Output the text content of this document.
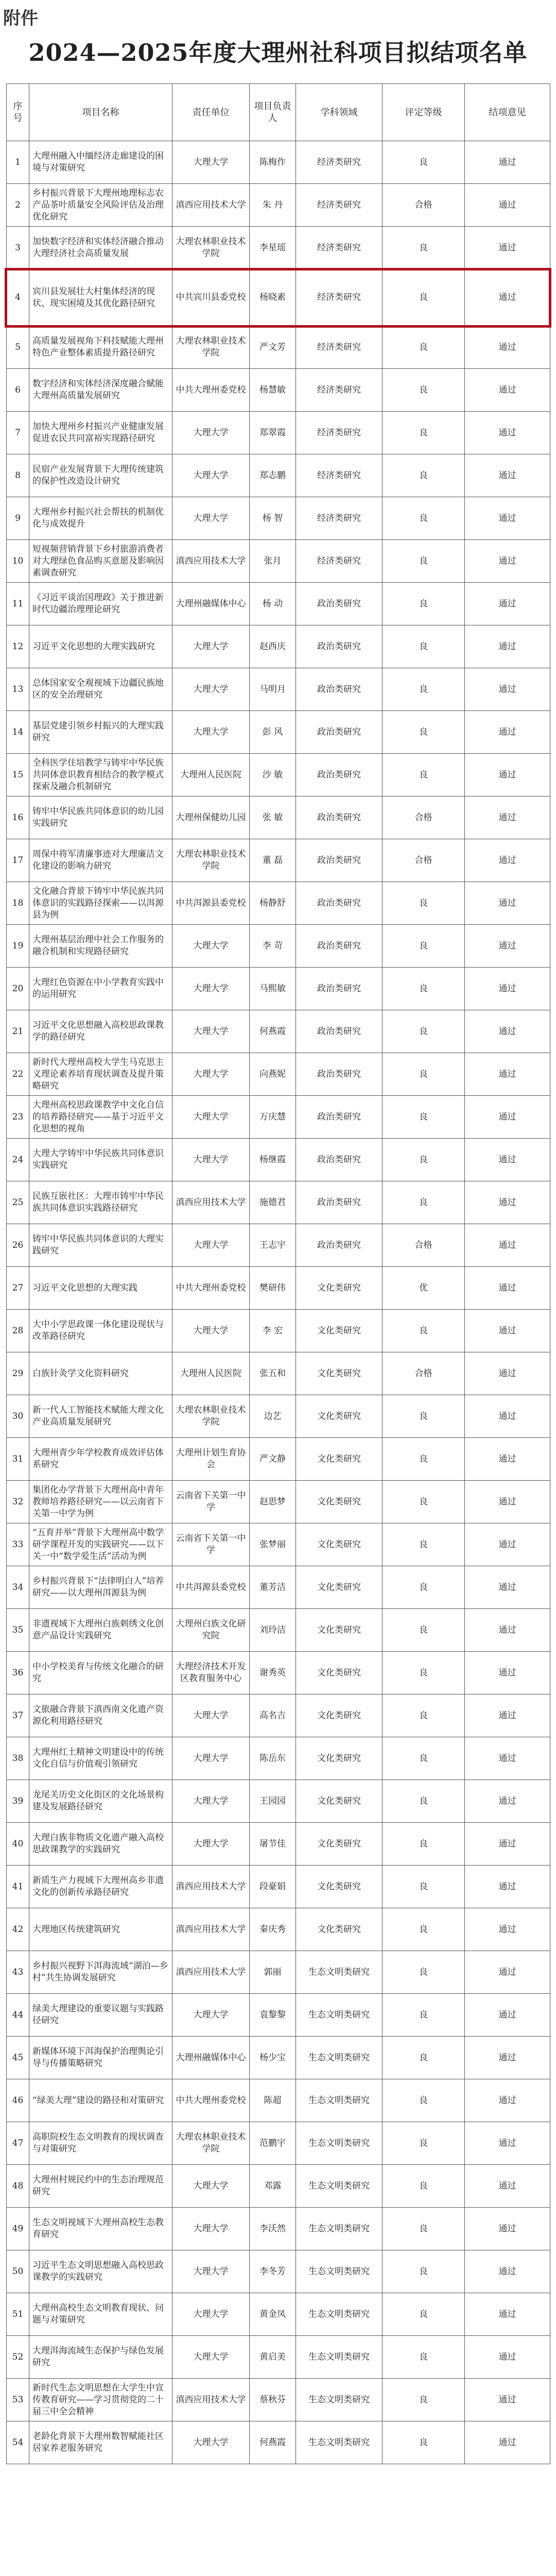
附件
2024—2025年度大理州社科项目拟结项名单
序号	项目名称	责任单位	项目负责人	学科领域	评定等级	结项意见
1	大理州融入中缅经济走廊建设的困境与对策研究	大理大学	陈梅作	经济类研究	良	通过
2	乡村振兴背景下大理州地理标志农产品茶叶质量安全风险评估及治理优化研究	滇西应用技术大学	朱 丹	经济类研究	合格	通过
3	加快数字经济和实体经济融合推动大理经济社会高质量发展	大理农林职业技术学院	李星瑶	经济类研究	良	通过
4	宾川县发展壮大村集体经济的现状、现实困境及其优化路径研究	中共宾川县委党校	杨晓素	经济类研究	良	通过
5	高质量发展视角下科技赋能大理州特色产业整体素质提升路径研究	大理农林职业技术学院	严文芳	经济类研究	良	通过
6	数字经济和实体经济深度融合赋能大理州高质量发展研究	中共大理州委党校	杨慧敏	经济类研究	良	通过
7	加快大理州乡村振兴产业健康发展促进农民共同富裕实现路径研究	大理大学	郑翠霞	经济类研究	良	通过
8	民宿产业发展背景下大理传统建筑的保护性改造设计研究	大理大学	郑志鹏	经济类研究	良	通过
9	大理州乡村振兴社会帮扶的机制优化与成效提升	大理大学	杨 智	经济类研究	良	通过
10	短视频营销背景下乡村旅游消费者对大理绿色食品购买意愿及影响因素调查研究	滇西应用技术大学	张月	经济类研究	良	通过
11	《习近平谈治国理政》关于推进新时代边疆治理理论研究	大理州融媒体中心	杨 动	政治类研究	良	通过
12	习近平文化思想的大理实践研究	大理大学	赵西庆	政治类研究	良	通过
13	总体国家安全观视域下边疆民族地区的安全治理研究	大理大学	马明月	政治类研究	良	通过
14	基层党建引领乡村振兴的大理实践研究	大理大学	彭 风	政治类研究	良	通过
15	全科医学住培教学与铸牢中华民族共同体意识教育相结合的教学模式探索及融合机制研究	大理州人民医院	沙 敏	政治类研究	良	通过
16	铸牢中华民族共同体意识的幼儿园实践研究	大理州保健幼儿园	张 敏	政治类研究	合格	通过
17	周保中将军清廉事迹对大理廉洁文化建设的影响力研究	大理农林职业技术学院	董 磊	政治类研究	合格	通过
18	文化融合背景下铸牢中华民族共同体意识的实践路径探索——以洱源县为例	中共洱源县委党校	杨静舒	政治类研究	良	通过
19	大理州基层治理中社会工作服务的融合机制和实现路径研究	大理大学	李 苛	政治类研究	良	通过
20	大理红色资源在中小学教育实践中的运用研究	大理大学	马熙敏	政治类研究	良	通过
21	习近平文化思想融入高校思政课教学的路径研究	大理大学	何燕霞	政治类研究	良	通过
22	新时代大理州高校大学生马克思主义理论素养培育现状调查及提升策略研究	大理大学	向燕妮	政治类研究	良	通过
23	大理州高校思政课教学中文化自信的培养路径研究——基于习近平文化思想的视角	大理大学	万庆慧	政治类研究	良	通过
24	大理大学铸牢中华民族共同体意识实践研究	大理大学	杨继霞	政治类研究	良	通过
25	民族互嵌社区：大理市铸牢中华民族共同体意识实践路径研究	滇西应用技术大学	施德君	政治类研究	良	通过
26	铸牢中华民族共同体意识的大理实践研究	大理大学	王志宇	政治类研究	合格	通过
27	习近平文化思想的大理实践	中共大理州委党校	樊研伟	文化类研究	优	通过
28	大中小学思政课一体化建设现状与改革路径研究	大理大学	李 宏	文化类研究	良	通过
29	白族针灸学文化资料研究	大理州人民医院	张五和	文化类研究	合格	通过
30	新一代人工智能技术赋能大理文化产业高质量发展研究	大理农林职业技术学院	边艺	文化类研究	良	通过
31	大理州青少年学校教育成效评估体系研究	大理州计划生育协会	严文静	文化类研究	良	通过
32	集团化办学背景下大理州高中青年教师培养路径研究——以云南省下关第一中学为例	云南省下关第一中学	赵思梦	文化类研究	良	通过
33	“五育并举”背景下大理州高中数学研学课程开发的实践研究——以下关一中“数学爱生活”活动为例	云南省下关第一中学	张梦丽	文化类研究	良	通过
34	乡村振兴背景下“法律明白人”培养研究——以大理州洱源县为例	中共洱源县委党校	董芳洁	文化类研究	良	通过
35	非遗视域下大理州白族刺绣文化创意产品设计实践研究	大理州白族文化研究院	刘玲洁	文化类研究	良	通过
36	中小学校美育与传统文化融合的研究	大理经济技术开发区教育服务中心	谢秀英	文化类研究	良	通过
37	文旅融合背景下滇西南文化遗产资源化利用路径研究	大理大学	高名吉	文化类研究	良	通过
38	大理州红土精神文明建设中的传统文化自信与价值观引领研究	大理大学	陈岳东	文化类研究	良	通过
39	龙尾关历史文化街区的文化场景构建及发展路径研究	大理大学	王园园	文化类研究	良	通过
40	大理白族非物质文化遗产融入高校思政课教学的实践研究	大理大学	屠节佳	文化类研究	良	通过
41	新质生产力视域下大理州高乡非遗文化的创新传承路径研究	滇西应用技术大学	段豪娟	文化类研究	良	通过
42	大理地区传统建筑研究	滇西应用技术大学	秦庆秀	文化类研究	良	通过
43	乡村振兴视野下洱海流域“湖泊—乡村”共生协调发展研究	滇西应用技术大学	郭丽	生态文明类研究	良	通过
44	绿美大理建设的重要议题与实践路径研究	大理大学	袁黎黎	生态文明类研究	良	通过
45	新媒体环境下洱海保护治理舆论引导与传播策略研究	大理州融媒体中心	杨少宝	生态文明类研究	良	通过
46	“绿美大理”建设的路径和对策研究	中共大理州委党校	陈超	生态文明类研究	良	通过
47	高职院校生态文明教育的现状调查与对策研究	大理农林职业技术学院	范鹏宇	生态文明类研究	良	通过
48	大理州村规民约中的生态治理规范研究	大理大学	邓露	生态文明类研究	良	通过
49	生态文明视域下大理州高校生态教育研究	大理大学	李沃然	生态文明类研究	良	通过
50	习近平生态文明思想融入高校思政课教学的实践研究	大理大学	李冬芳	生态文明类研究	良	通过
51	大理州高校生态文明教育现状、问题与对策研究	大理大学	黄金凤	生态文明类研究	良	通过
52	大理洱海流域生态保护与绿色发展研究	大理大学	黄启美	生态文明类研究	良	通过
53	新时代生态文明思想在大学生中宣传教育研究——学习贯彻党的二十届三中全会精神	滇西应用技术大学	蔡秋芬	生态文明类研究	良	通过
54	老龄化背景下大理州数智赋能社区居家养老服务研究	大理大学	何燕霞	生态文明类研究	良	通过
